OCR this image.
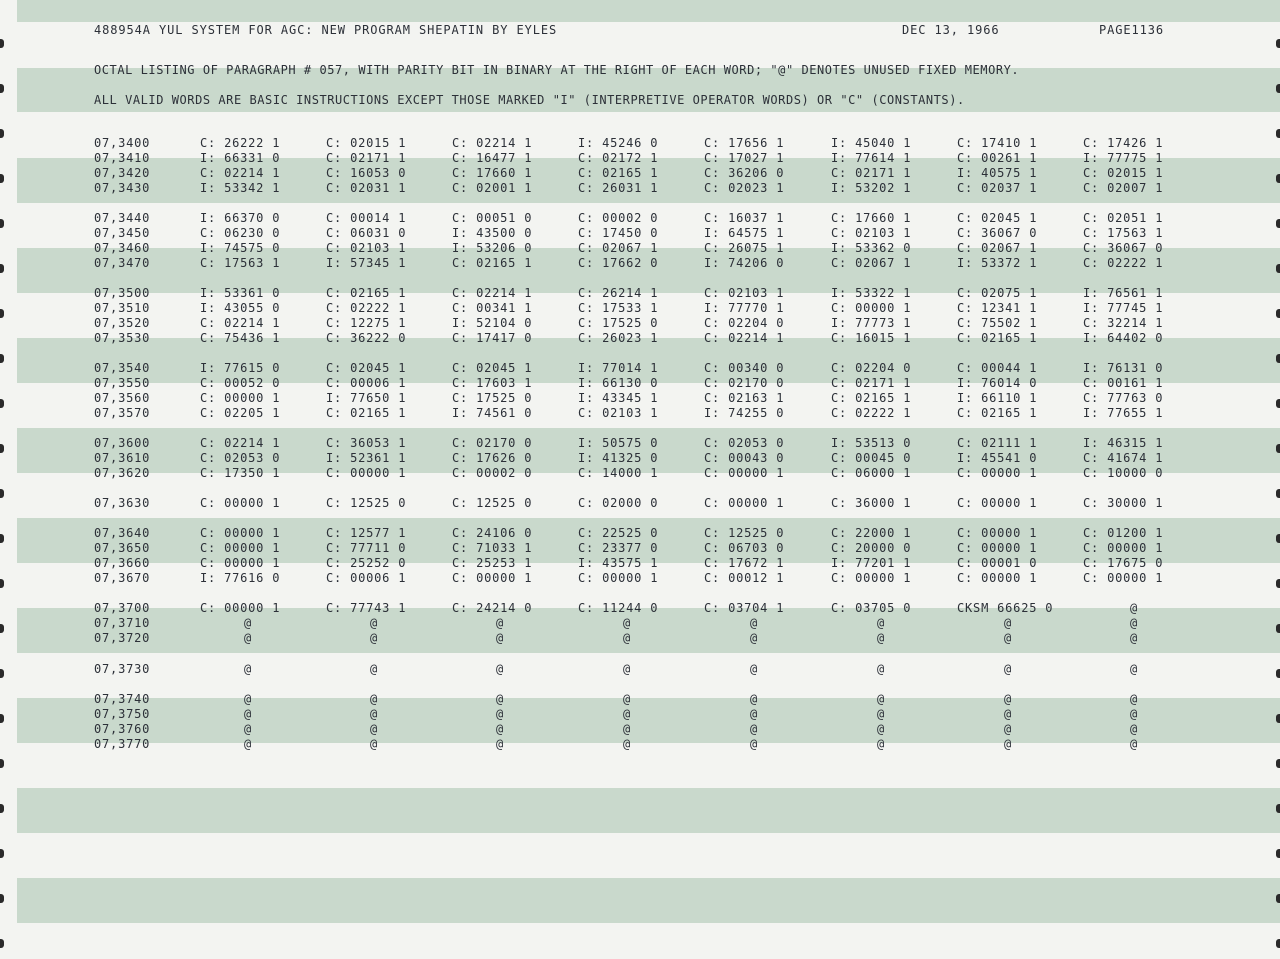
488954A YUL SYSTEM FOR AGC: NEW PROGRAM SHEPATIN BY EYLES	DEC 13, 1966	PAGE1136
OCTAL LISTING OF PARAGRAPH # 057, WITH PARITY BIT IN BINARY AT THE RIGHT OF EACH WORD; "@" DENOTES UNUSED FIXED MEMORY.
ALL VALID WORDS ARE BASIC INSTRUCTIONS EXCEPT THOSE MARKED "I" (INTERPRETIVE OPERATOR WORDS) OR "C" (CONSTANTS).
07,3400	C: 26222 1	C: 02015 1	C: 02214 1	I: 45246 0	C: 17656 1	I: 45040 1	C: 17410 1	C: 17426 1
07,3410	I: 66331 0	C: 02171 1	C: 16477 1	C: 02172 1	C: 17027 1	I: 77614 1	C: 00261 1	I: 77775 1
07,3420	C: 02214 1	C: 16053 0	C: 17660 1	C: 02165 1	C: 36206 0	C: 02171 1	I: 40575 1	C: 02015 1
07,3430	I: 53342 1	C: 02031 1	C: 02001 1	C: 26031 1	C: 02023 1	I: 53202 1	C: 02037 1	C: 02007 1
07,3440	I: 66370 0	C: 00014 1	C: 00051 0	C: 00002 0	C: 16037 1	C: 17660 1	C: 02045 1	C: 02051 1
07,3450	C: 06230 0	C: 06031 0	I: 43500 0	C: 17450 0	I: 64575 1	C: 02103 1	C: 36067 0	C: 17563 1
07,3460	I: 74575 0	C: 02103 1	I: 53206 0	C: 02067 1	C: 26075 1	I: 53362 0	C: 02067 1	C: 36067 0
07,3470	C: 17563 1	I: 57345 1	C: 02165 1	C: 17662 0	I: 74206 0	C: 02067 1	I: 53372 1	C: 02222 1
07,3500	I: 53361 0	C: 02165 1	C: 02214 1	C: 26214 1	C: 02103 1	I: 53322 1	C: 02075 1	I: 76561 1
07,3510	I: 43055 0	C: 02222 1	C: 00341 1	C: 17533 1	I: 77770 1	C: 00000 1	C: 12341 1	I: 77745 1
07,3520	C: 02214 1	C: 12275 1	I: 52104 0	C: 17525 0	C: 02204 0	I: 77773 1	C: 75502 1	C: 32214 1
07,3530	C: 75436 1	C: 36222 0	C: 17417 0	C: 26023 1	C: 02214 1	C: 16015 1	C: 02165 1	I: 64402 0
07,3540	I: 77615 0	C: 02045 1	C: 02045 1	I: 77014 1	C: 00340 0	C: 02204 0	C: 00044 1	I: 76131 0
07,3550	C: 00052 0	C: 00006 1	C: 17603 1	I: 66130 0	C: 02170 0	C: 02171 1	I: 76014 0	C: 00161 1
07,3560	C: 00000 1	I: 77650 1	C: 17525 0	I: 43345 1	C: 02163 1	C: 02165 1	I: 66110 1	C: 77763 0
07,3570	C: 02205 1	C: 02165 1	I: 74561 0	C: 02103 1	I: 74255 0	C: 02222 1	C: 02165 1	I: 77655 1
07,3600	C: 02214 1	C: 36053 1	C: 02170 0	I: 50575 0	C: 02053 0	I: 53513 0	C: 02111 1	I: 46315 1
07,3610	C: 02053 0	I: 52361 1	C: 17626 0	I: 41325 0	C: 00043 0	C: 00045 0	I: 45541 0	C: 41674 1
07,3620	C: 17350 1	C: 00000 1	C: 00002 0	C: 14000 1	C: 00000 1	C: 06000 1	C: 00000 1	C: 10000 0
07,3630	C: 00000 1	C: 12525 0	C: 12525 0	C: 02000 0	C: 00000 1	C: 36000 1	C: 00000 1	C: 30000 1
07,3640	C: 00000 1	C: 12577 1	C: 24106 0	C: 22525 0	C: 12525 0	C: 22000 1	C: 00000 1	C: 01200 1
07,3650	C: 00000 1	C: 77711 0	C: 71033 1	C: 23377 0	C: 06703 0	C: 20000 0	C: 00000 1	C: 00000 1
07,3660	C: 00000 1	C: 25252 0	C: 25253 1	I: 43575 1	C: 17672 1	I: 77201 1	C: 00001 0	C: 17675 0
07,3670	I: 77616 0	C: 00006 1	C: 00000 1	C: 00000 1	C: 00012 1	C: 00000 1	C: 00000 1	C: 00000 1
07,3700	C: 00000 1	C: 77743 1	C: 24214 0	C: 11244 0	C: 03704 1	C: 03705 0	CKSM 66625 0	@
07,3710	@	@	@	@	@	@	@	@
07,3720	@	@	@	@	@	@	@	@
07,3730	@	@	@	@	@	@	@	@
07,3740	@	@	@	@	@	@	@	@
07,3750	@	@	@	@	@	@	@	@
07,3760	@	@	@	@	@	@	@	@
07,3770	@	@	@	@	@	@	@	@
